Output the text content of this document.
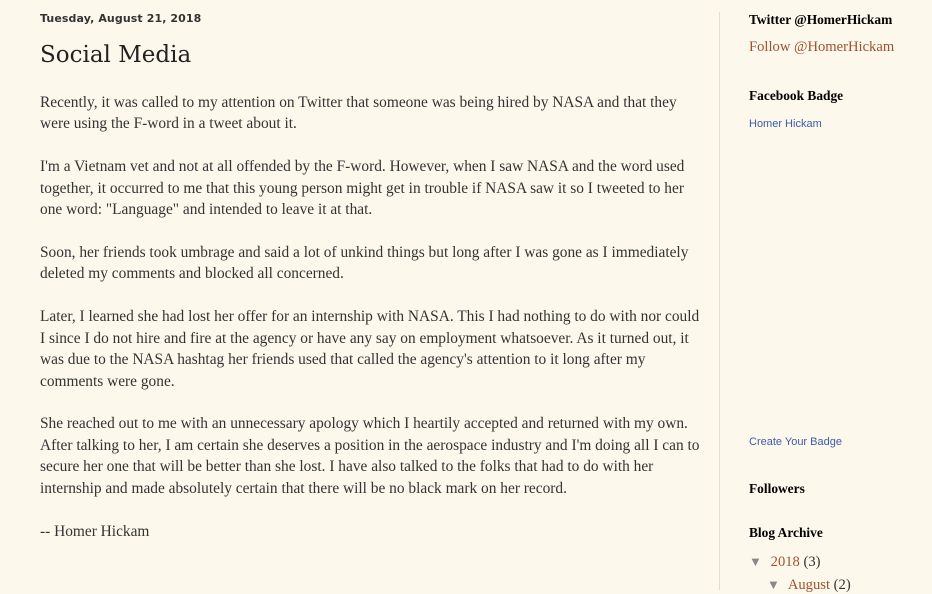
Tuesday, August 21, 2018
Social Media

Recently, it was called to my attention on Twitter that someone was being hired by NASA and that they were using the F-word in a tweet about it.

I'm a Vietnam vet and not at all offended by the F-word. However, when I saw NASA and the word used together, it occurred to me that this young person might get in trouble if NASA saw it so I tweeted to her one word: "Language" and intended to leave it at that.

Soon, her friends took umbrage and said a lot of unkind things but long after I was gone as I immediately deleted my comments and blocked all concerned.

Later, I learned she had lost her offer for an internship with NASA. This I had nothing to do with nor could I since I do not hire and fire at the agency or have any say on employment whatsoever. As it turned out, it was due to the NASA hashtag her friends used that called the agency's attention to it long after my comments were gone.

She reached out to me with an unnecessary apology which I heartily accepted and returned with my own. After talking to her, I am certain she deserves a position in the aerospace industry and I'm doing all I can to secure her one that will be better than she lost. I have also talked to the folks that had to do with her internship and made absolutely certain that there will be no black mark on her record.

-- Homer Hickam

Twitter @HomerHickam
Follow @HomerHickam
Facebook Badge
Homer Hickam
Create Your Badge
Followers
Blog Archive
▼ 2018 (3)
▼ August (2)
